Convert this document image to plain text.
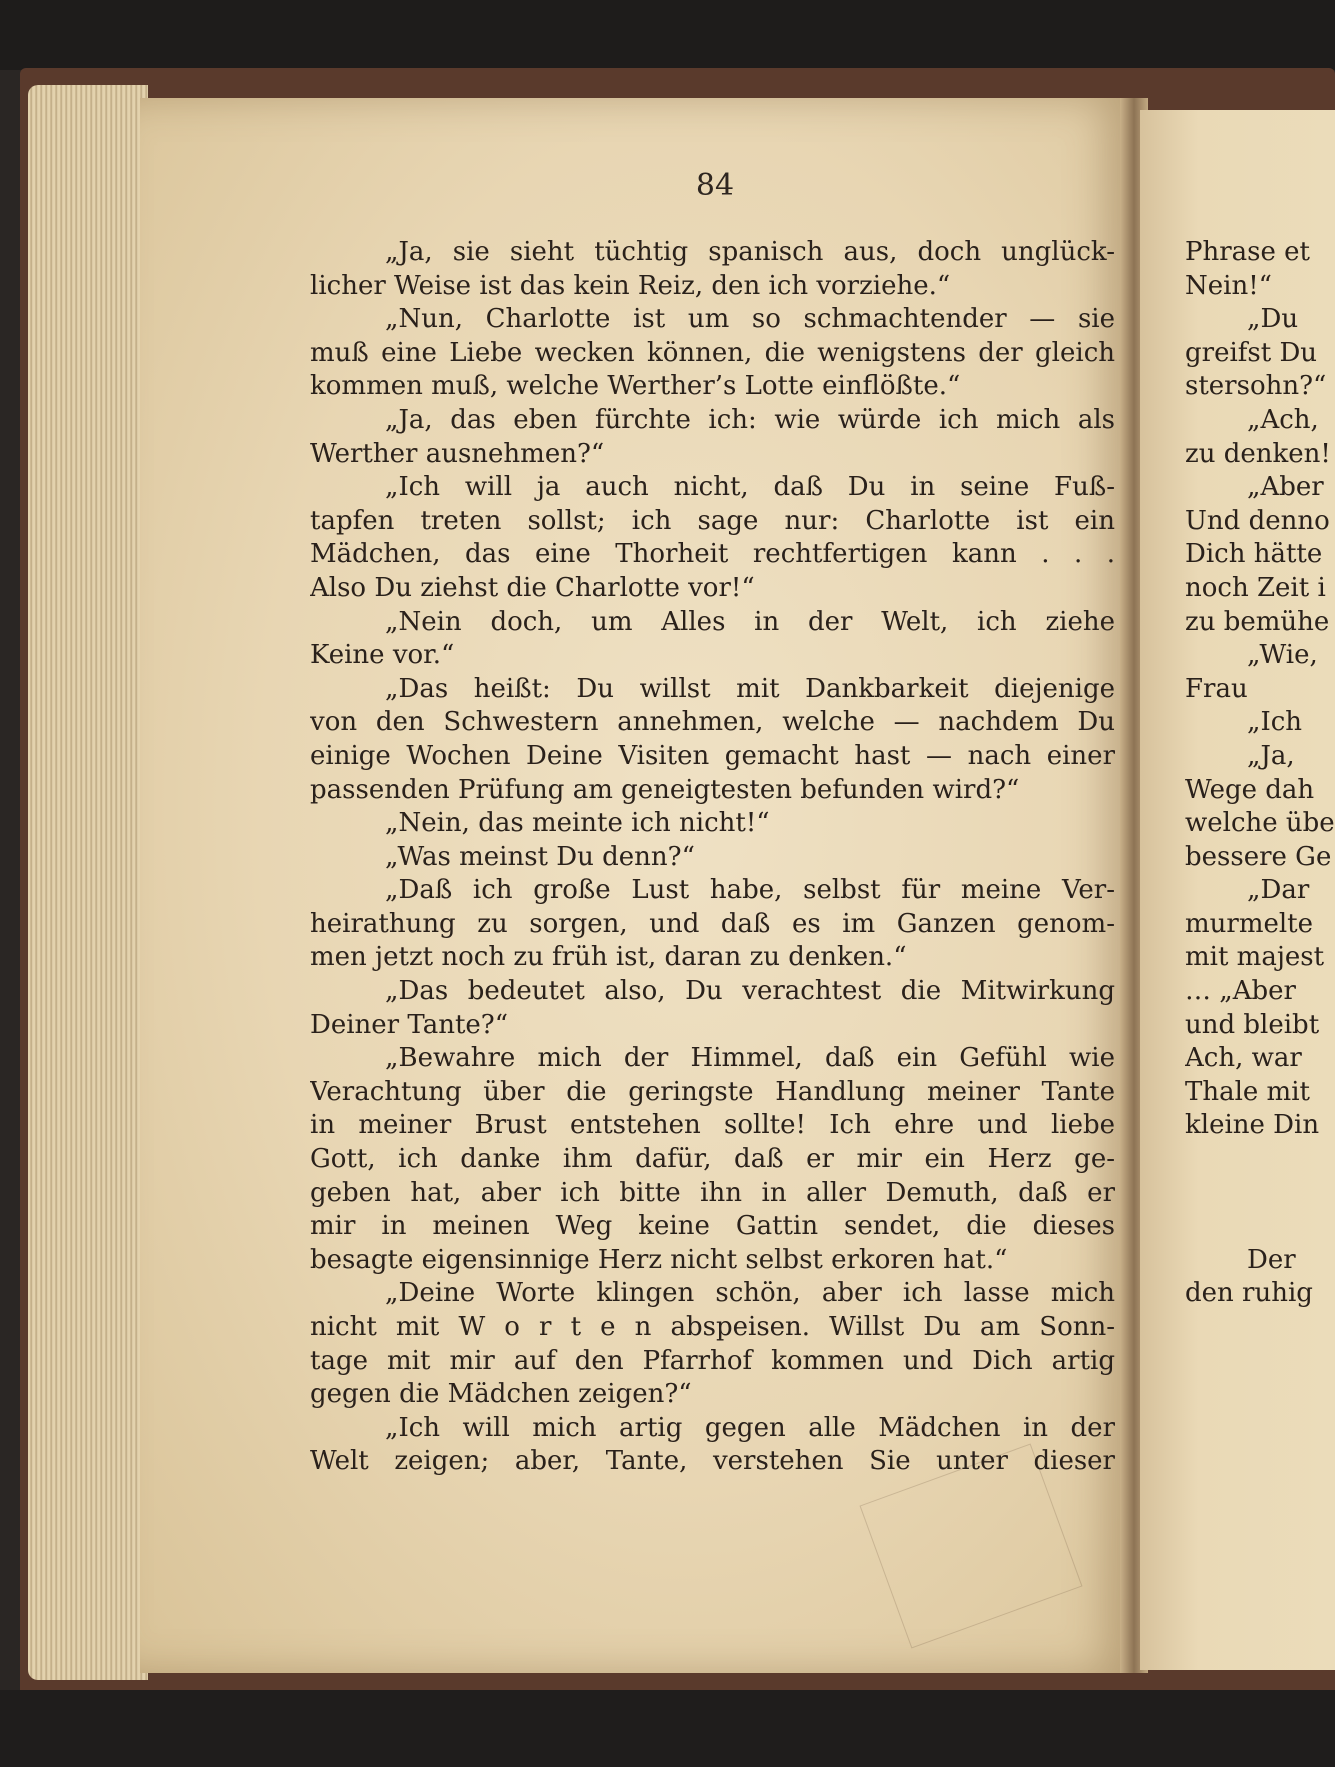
84
„Ja, sie sieht tüchtig spanisch aus, doch unglück-
licher Weise ist das kein Reiz, den ich vorziehe.“
„Nun, Charlotte ist um so schmachtender — sie
muß eine Liebe wecken können, die wenigstens der gleich
kommen muß, welche Werther’s Lotte einflößte.“
„Ja, das eben fürchte ich: wie würde ich mich als
Werther ausnehmen?“
„Ich will ja auch nicht, daß Du in seine Fuß-
tapfen treten sollst; ich sage nur: Charlotte ist ein
Mädchen, das eine Thorheit rechtfertigen kann . . .
Also Du ziehst die Charlotte vor!“
„Nein doch, um Alles in der Welt, ich ziehe
Keine vor.“
„Das heißt: Du willst mit Dankbarkeit diejenige
von den Schwestern annehmen, welche — nachdem Du
einige Wochen Deine Visiten gemacht hast — nach einer
passenden Prüfung am geneigtesten befunden wird?“
„Nein, das meinte ich nicht!“
„Was meinst Du denn?“
„Daß ich große Lust habe, selbst für meine Ver-
heirathung zu sorgen, und daß es im Ganzen genom-
men jetzt noch zu früh ist, daran zu denken.“
„Das bedeutet also, Du verachtest die Mitwirkung
Deiner Tante?“
„Bewahre mich der Himmel, daß ein Gefühl wie
Verachtung über die geringste Handlung meiner Tante
in meiner Brust entstehen sollte! Ich ehre und liebe
Gott, ich danke ihm dafür, daß er mir ein Herz ge-
geben hat, aber ich bitte ihn in aller Demuth, daß er
mir in meinen Weg keine Gattin sendet, die dieses
besagte eigensinnige Herz nicht selbst erkoren hat.“
„Deine Worte klingen schön, aber ich lasse mich
nicht mit W o r t e n abspeisen. Willst Du am Sonn-
tage mit mir auf den Pfarrhof kommen und Dich artig
gegen die Mädchen zeigen?“
„Ich will mich artig gegen alle Mädchen in der
Welt zeigen; aber, Tante, verstehen Sie unter dieser
Phrase et
Nein!“
„Du
greifst Du
stersohn?“
„Ach,
zu denken!
„Aber
Und denno
Dich hätte
noch Zeit i
zu bemühe
„Wie,
Frau
„Ich
„Ja,
Wege dah
welche übe
bessere Ge
„Dar
murmelte
mit majest
… „Aber
und bleibt
Ach, war
Thale mit
kleine Din
Der
den ruhig
